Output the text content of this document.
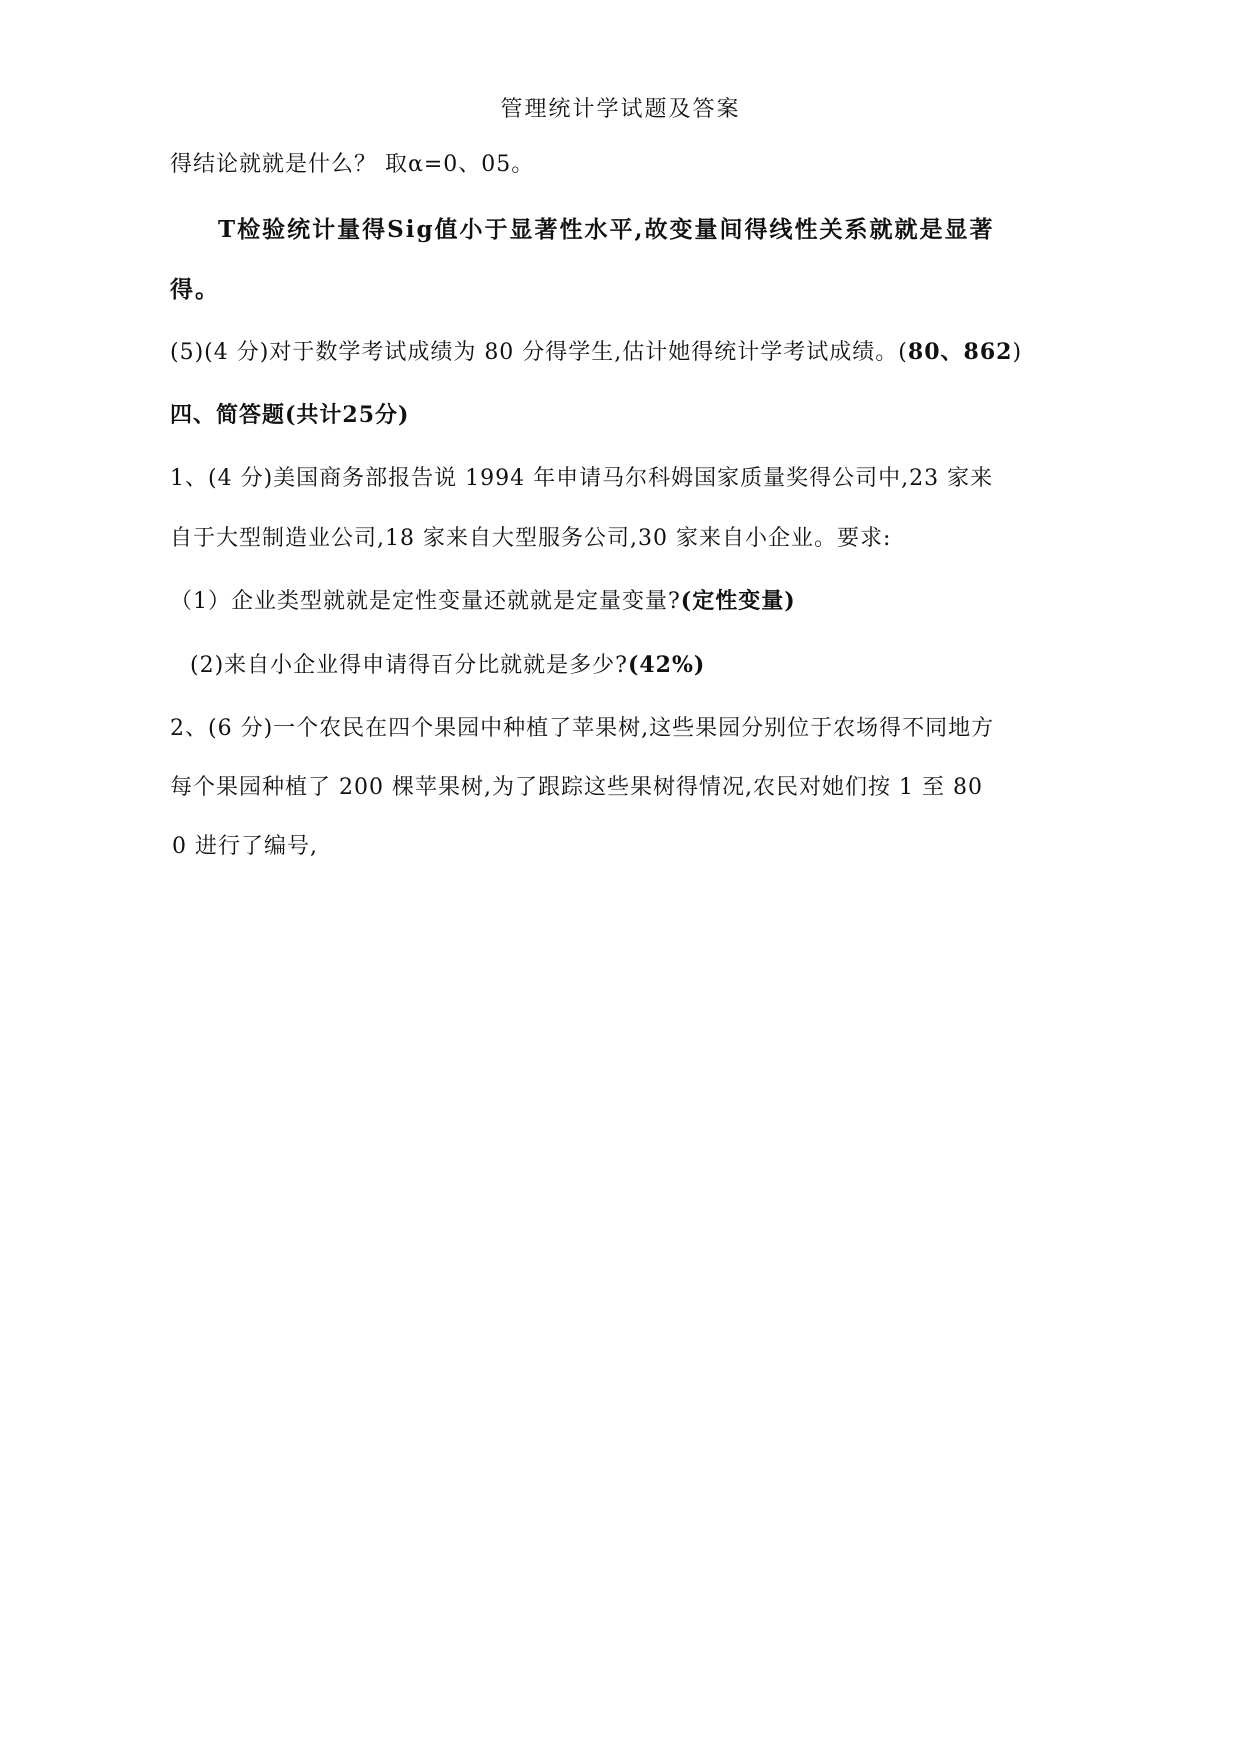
管理统计学试题及答案
得结论就就是什么？ 取α=0、05。
T检验统计量得Sig值小于显著性水平,故变量间得线性关系就就是显著
得。
(5)(4 分)对于数学考试成绩为 80 分得学生,估计她得统计学考试成绩。(80、862)
四、简答题(共计25分)
1、(4 分)美国商务部报告说 1994 年申请马尔科姆国家质量奖得公司中,23 家来
自于大型制造业公司,18 家来自大型服务公司,30 家来自小企业。要求:
（1）企业类型就就是定性变量还就就是定量变量?(定性变量)
(2)来自小企业得申请得百分比就就是多少?(42%)
2、(6 分)一个农民在四个果园中种植了苹果树,这些果园分别位于农场得不同地方
每个果园种植了 200 棵苹果树,为了跟踪这些果树得情况,农民对她们按 1 至 80
0 进行了编号,
